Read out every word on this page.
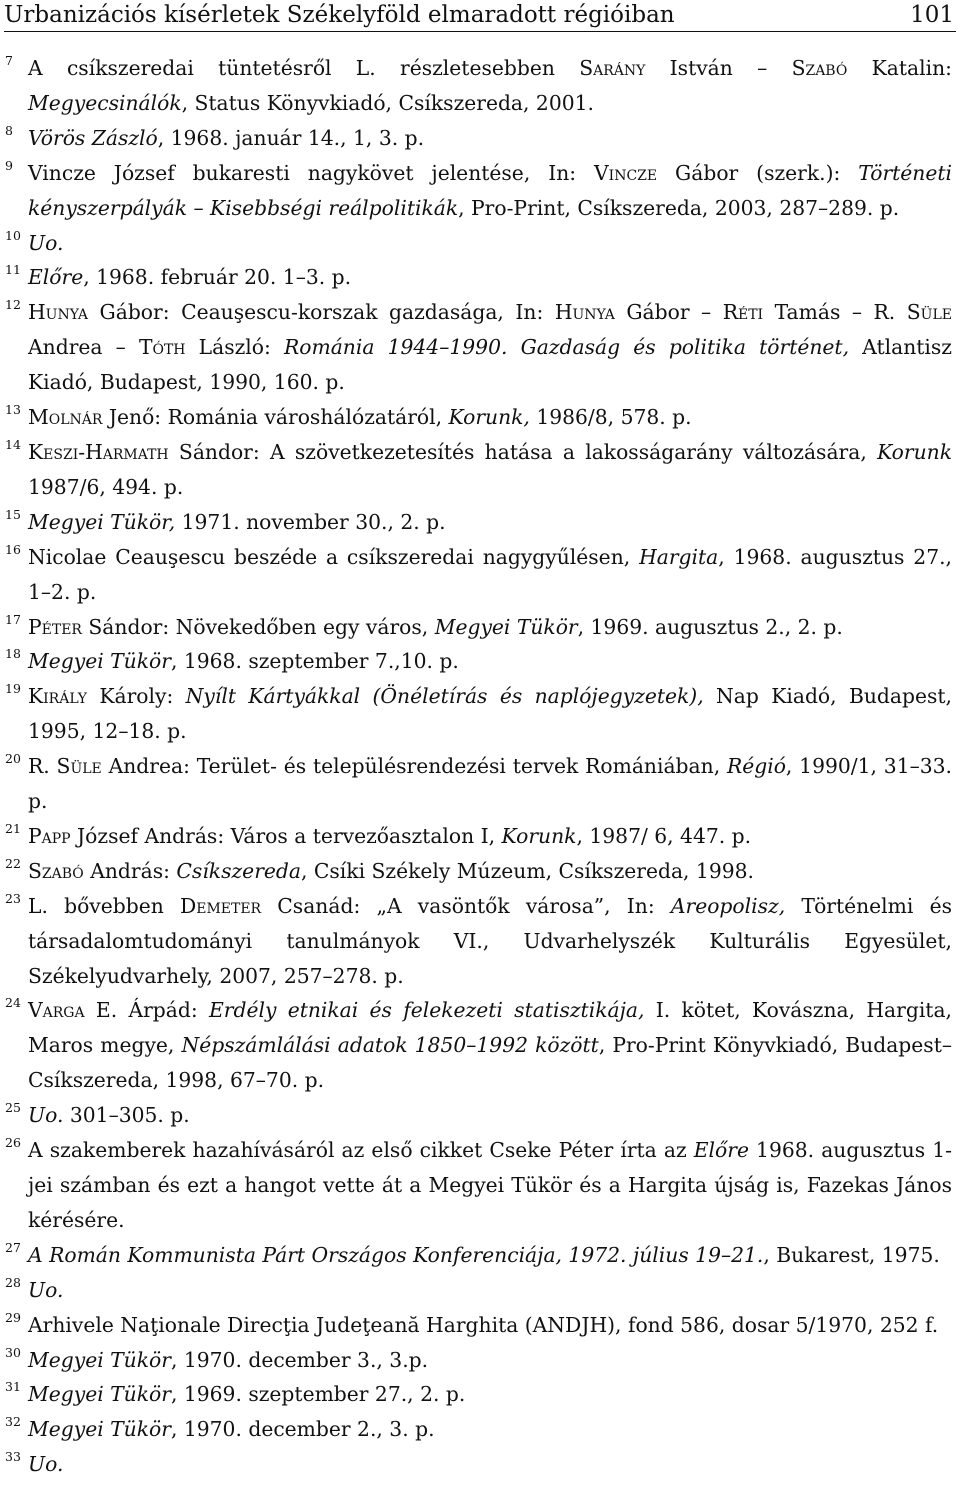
Urbanizációs kísérletek Székelyföld elmaradott régióiban	101
7 A csíkszeredai tüntetésről L. részletesebben Sarány István – Szabó Katalin: Megyecsinálók, Status Könyvkiadó, Csíkszereda, 2001.
8 Vörös Zászló, 1968. január 14., 1, 3. p.
9 Vincze József bukaresti nagykövet jelentése, In: Vincze Gábor (szerk.): Történeti kényszerpályák – Kisebbségi reálpolitikák, Pro-Print, Csíkszereda, 2003, 287–289. p.
10 Uo.
11 Előre, 1968. február 20. 1–3. p.
12 Hunya Gábor: Ceauşescu-korszak gazdasága, In: Hunya Gábor – Réti Tamás – R. Süle Andrea – Tóth László: Románia 1944–1990. Gazdaság és politika történet, Atlantisz Kiadó, Budapest, 1990, 160. p.
13 Molnár Jenő: Románia városhálózatáról, Korunk, 1986/8, 578. p.
14 Keszi-Harmath Sándor: A szövetkezetesítés hatása a lakosságarány változására, Korunk 1987/6, 494. p.
15 Megyei Tükör, 1971. november 30., 2. p.
16 Nicolae Ceauşescu beszéde a csíkszeredai nagygyűlésen, Hargita, 1968. augusztus 27., 1–2. p.
17 Péter Sándor: Növekedőben egy város, Megyei Tükör, 1969. augusztus 2., 2. p.
18 Megyei Tükör, 1968. szeptember 7.,10. p.
19 Király Károly: Nyílt Kártyákkal (Önéletírás és naplójegyzetek), Nap Kiadó, Budapest, 1995, 12–18. p.
20 R. Süle Andrea: Terület- és településrendezési tervek Romániában, Régió, 1990/1, 31–33. p.
21 Papp József András: Város a tervezőasztalon I, Korunk, 1987/ 6, 447. p.
22 Szabó András: Csíkszereda, Csíki Székely Múzeum, Csíkszereda, 1998.
23 L. bővebben Demeter Csanád: „A vasöntők városa”, In: Areopolisz, Történelmi és társadalomtudományi tanulmányok VI., Udvarhelyszék Kulturális Egyesület, Székelyudvarhely, 2007, 257–278. p.
24 Varga E. Árpád: Erdély etnikai és felekezeti statisztikája, I. kötet, Kovászna, Hargita, Maros megye, Népszámlálási adatok 1850–1992 között, Pro-Print Könyvkiadó, Budapest–Csíkszereda, 1998, 67–70. p.
25 Uo. 301–305. p.
26 A szakemberek hazahívásáról az első cikket Cseke Péter írta az Előre 1968. augusztus 1-jei számban és ezt a hangot vette át a Megyei Tükör és a Hargita újság is, Fazekas János kérésére.
27 A Román Kommunista Párt Országos Konferenciája, 1972. július 19–21., Bukarest, 1975.
28 Uo.
29 Arhivele Naţionale Direcţia Judeţeană Harghita (ANDJH), fond 586, dosar 5/1970, 252 f.
30 Megyei Tükör, 1970. december 3., 3.p.
31 Megyei Tükör, 1969. szeptember 27., 2. p.
32 Megyei Tükör, 1970. december 2., 3. p.
33 Uo.
